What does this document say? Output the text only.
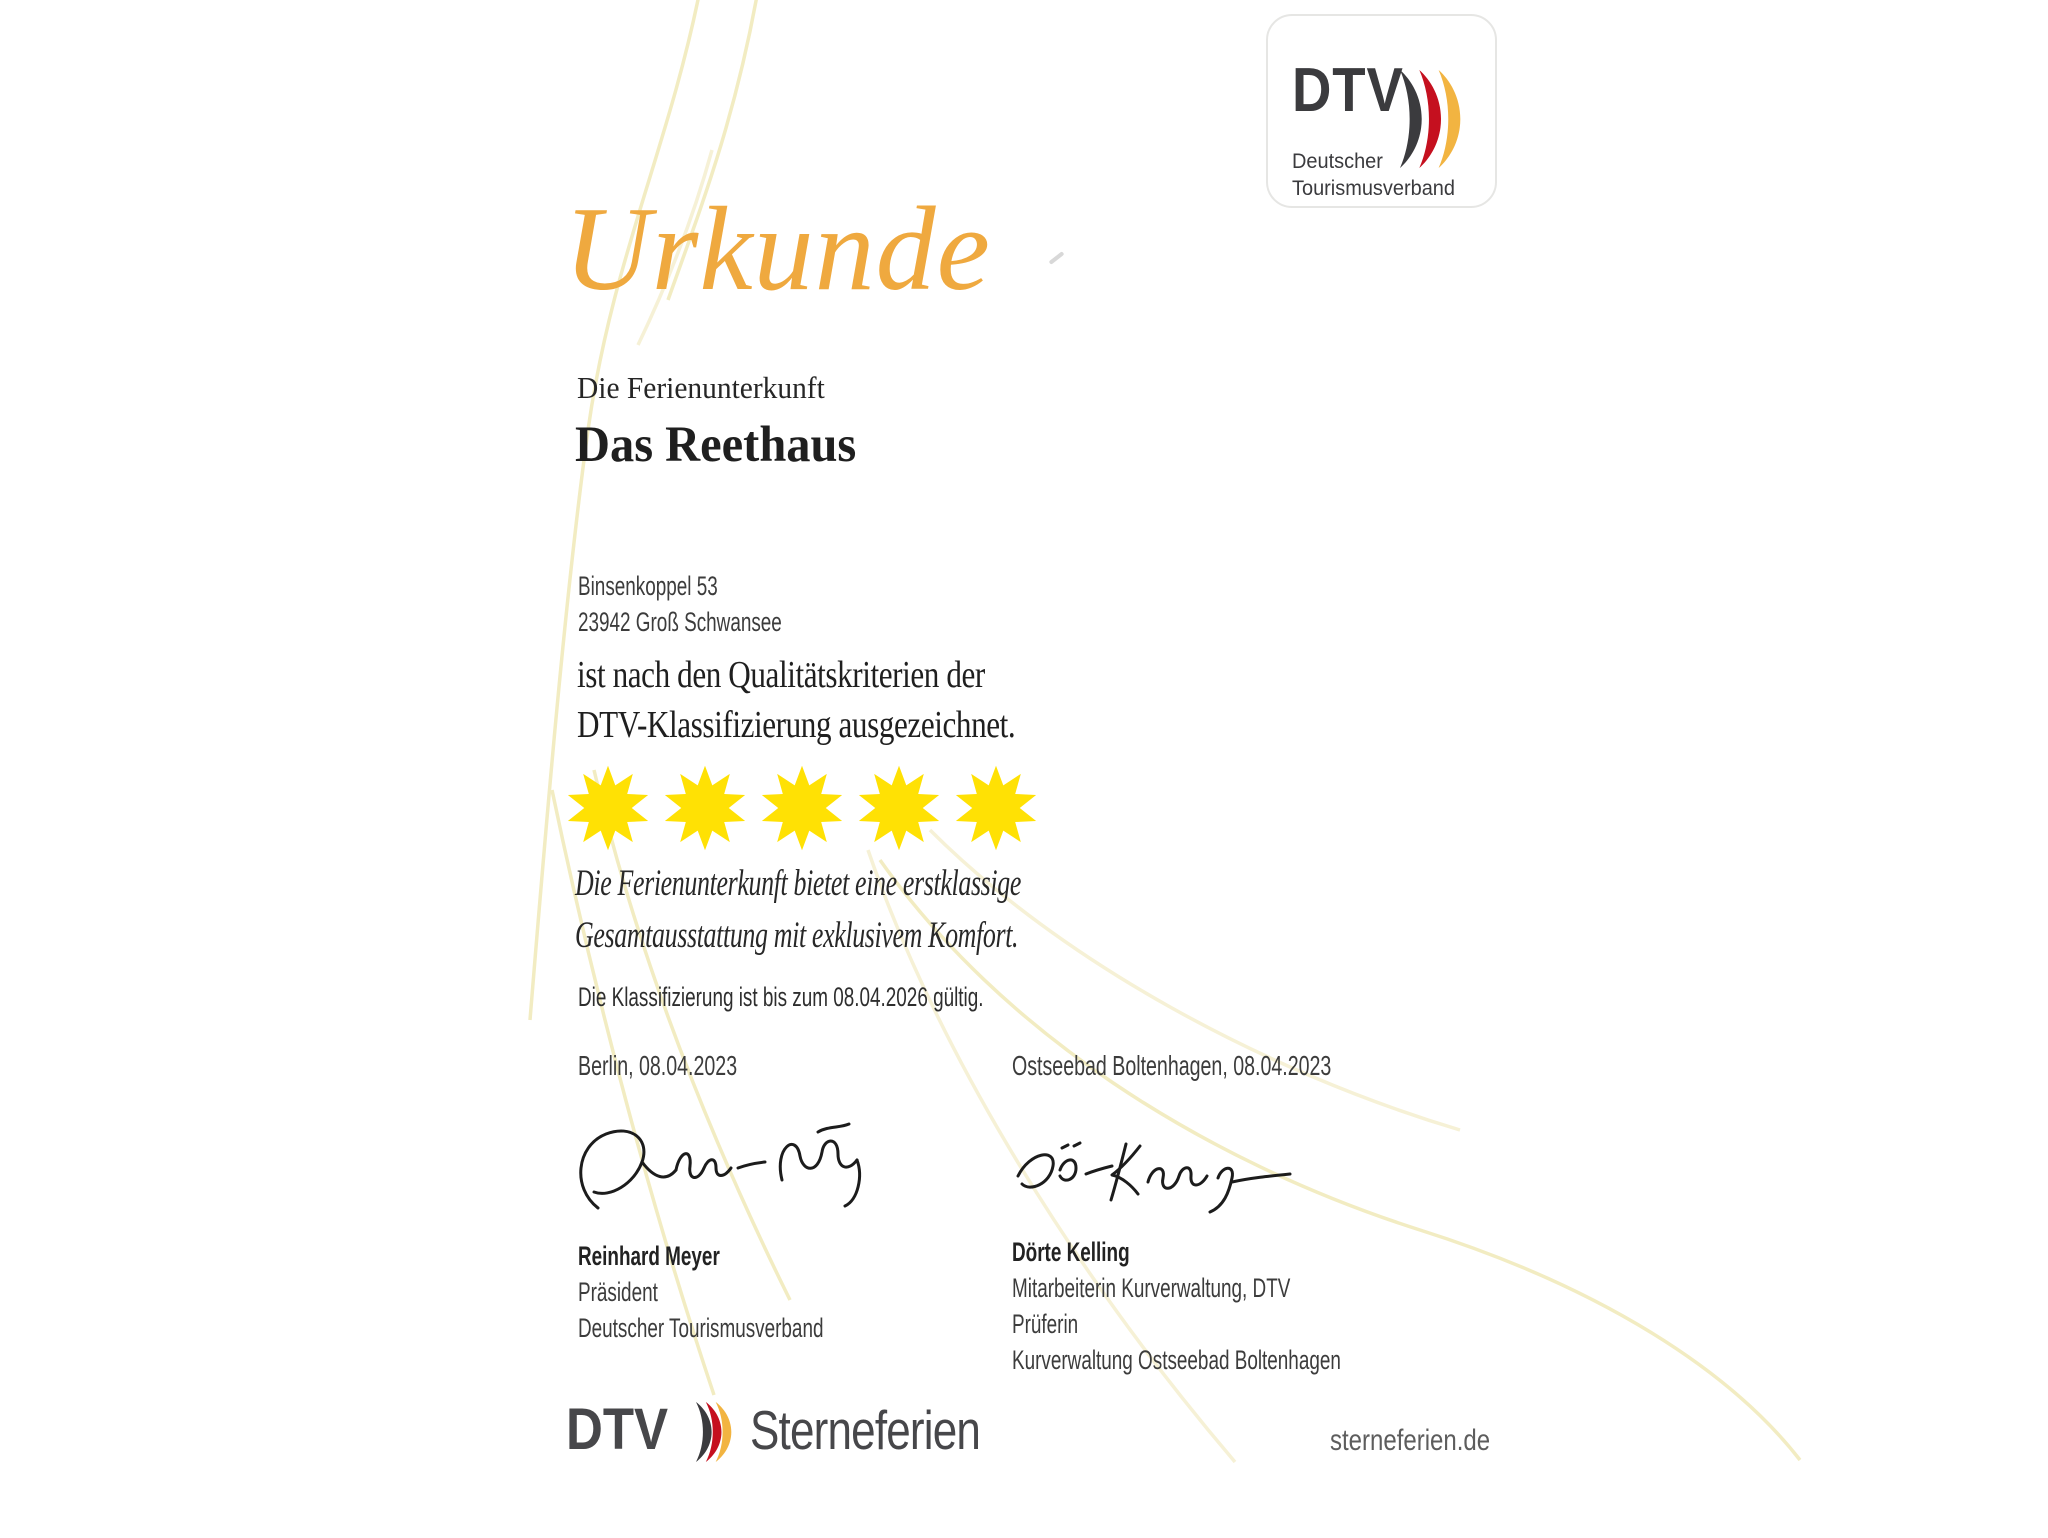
DTV
Deutscher
Tourismusverband
Urkunde
Die Ferienunterkunft
Das Reethaus
Binsenkoppel 53
23942 Groß Schwansee
ist nach den Qualitätskriterien der
DTV-Klassifizierung ausgezeichnet.
Die Ferienunterkunft bietet eine erstklassige
Gesamtausstattung mit exklusivem Komfort.
Die Klassifizierung ist bis zum 08.04.2026 gültig.
Berlin, 08.04.2023	Ostseebad Boltenhagen, 08.04.2023
Reinhard Meyer
Präsident
Deutscher Tourismusverband
Dörte Kelling
Mitarbeiterin Kurverwaltung, DTV
Prüferin
Kurverwaltung Ostseebad Boltenhagen
DTV Sterneferien	sterneferien.de
